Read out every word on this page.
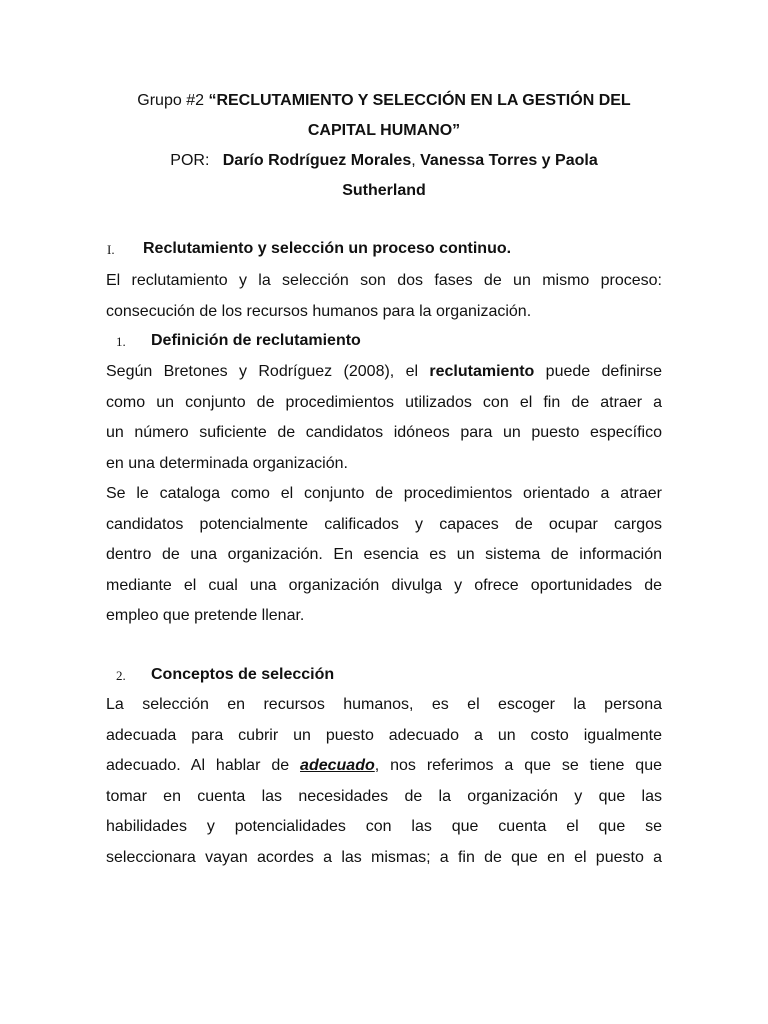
Grupo #2 “RECLUTAMIENTO Y SELECCIÓN EN LA GESTIÓN DEL
CAPITAL HUMANO”
POR: Darío Rodríguez Morales, Vanessa Torres y Paola
Sutherland
I. Reclutamiento y selección un proceso continuo.
El reclutamiento y la selección son dos fases de un mismo proceso:
consecución de los recursos humanos para la organización.
1. Definición de reclutamiento
Según Bretones y Rodríguez (2008), el reclutamiento puede definirse
como un conjunto de procedimientos utilizados con el fin de atraer a
un número suficiente de candidatos idóneos para un puesto específico
en una determinada organización.
Se le cataloga como el conjunto de procedimientos orientado a atraer
candidatos potencialmente calificados y capaces de ocupar cargos
dentro de una organización. En esencia es un sistema de información
mediante el cual una organización divulga y ofrece oportunidades de
empleo que pretende llenar.
2. Conceptos de selección
La selección en recursos humanos, es el escoger la persona
adecuada para cubrir un puesto adecuado a un costo igualmente
adecuado. Al hablar de adecuado, nos referimos a que se tiene que
tomar en cuenta las necesidades de la organización y que las
habilidades y potencialidades con las que cuenta el que se
seleccionara vayan acordes a las mismas; a fin de que en el puesto a
